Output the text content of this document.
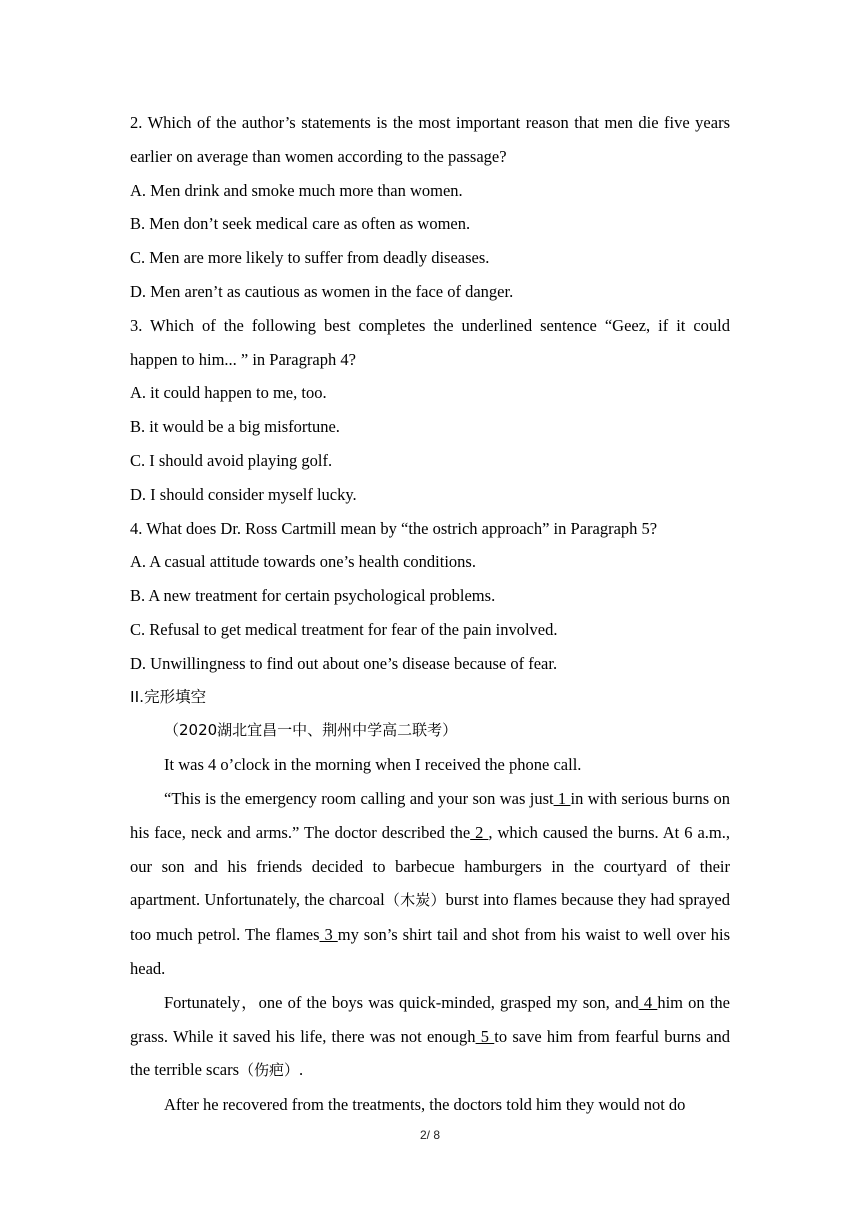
2. Which of the author’s statements is the most important reason that men die five years earlier on average than women according to the passage?

A. Men drink and smoke much more than women.

B. Men don’t seek medical care as often as women.

C. Men are more likely to suffer from deadly diseases.

D. Men aren’t as cautious as women in the face of danger.

3. Which of the following best completes the underlined sentence “Geez, if it could happen to him... ” in Paragraph 4?

A. it could happen to me, too.

B. it would be a big misfortune.

C. I should avoid playing golf.

D. I should consider myself lucky.

4. What does Dr. Ross Cartmill mean by “the ostrich approach” in Paragraph 5?

A. A casual attitude towards one’s health conditions.

B. A new treatment for certain psychological problems.

C. Refusal to get medical treatment for fear of the pain involved.

D. Unwillingness to find out about one’s disease because of fear.

II.完形填空

（2020湖北宜昌一中、荆州中学高二联考）

It was 4 o’clock in the morning when I received the phone call.

“This is the emergency room calling and your son was just 1 in with serious burns on his face, neck and arms.” The doctor described the 2 , which caused the burns. At 6 a.m., our son and his friends decided to barbecue hamburgers in the courtyard of their apartment. Unfortunately, the charcoal（木炭）burst into flames because they had sprayed too much petrol. The flames 3 my son’s shirt tail and shot from his waist to well over his head.

Fortunately，one of the boys was quick-minded, grasped my son, and 4 him on the grass. While it saved his life, there was not enough 5 to save him from fearful burns and the terrible scars（伤疤）.

After he recovered from the treatments, the doctors told him they would not do

2/ 8
